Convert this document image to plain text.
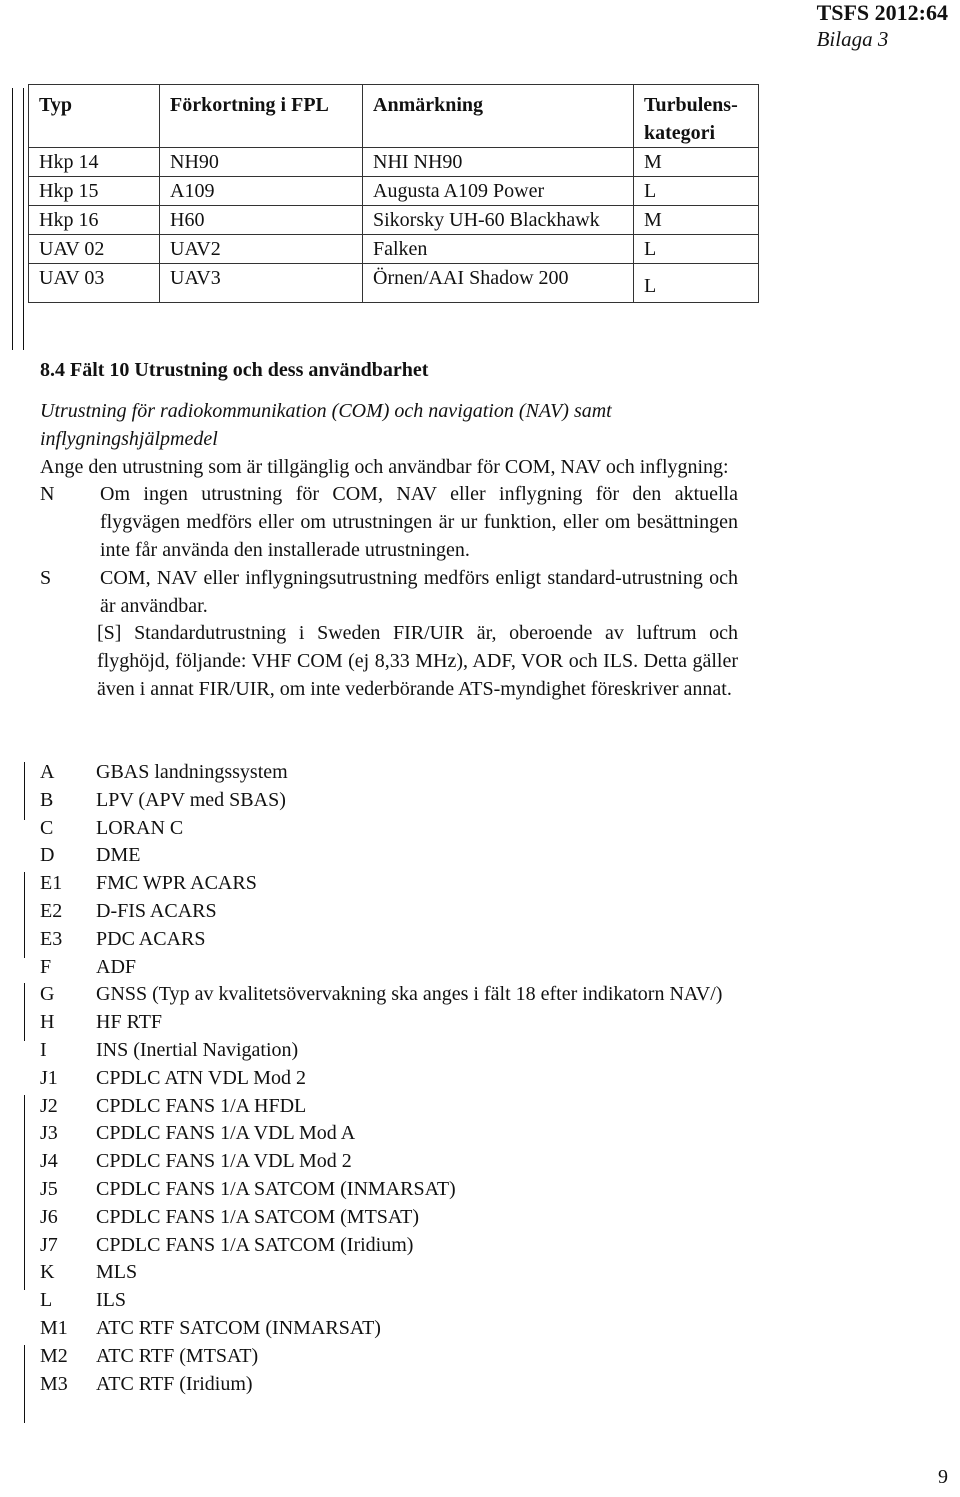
TSFS 2012:64
Bilaga 3
Typ	Förkortning i FPL	Anmärkning	Turbulens-kategori
Hkp 14	NH90	NHI NH90	M
Hkp 15	A109	Augusta A109 Power	L
Hkp 16	H60	Sikorsky UH-60 Blackhawk	M
UAV 02	UAV2	Falken	L
UAV 03	UAV3	Örnen/AAI Shadow 200	L
8.4 Fält 10 Utrustning och dess användbarhet
Utrustning för radiokommunikation (COM) och navigation (NAV) samt inflygningshjälpmedel
Ange den utrustning som är tillgänglig och användbar för COM, NAV och inflygning:
N	Om ingen utrustning för COM, NAV eller inflygning för den aktuella flygvägen medförs eller om utrustningen är ur funktion, eller om besättningen inte får använda den installerade utrustningen.
S	COM, NAV eller inflygningsutrustning medförs enligt standard-utrustning och är användbar.
[S] Standardutrustning i Sweden FIR/UIR är, oberoende av luftrum och flyghöjd, följande: VHF COM (ej 8,33 MHz), ADF, VOR och ILS. Detta gäller även i annat FIR/UIR, om inte vederbörande ATS-myndighet föreskriver annat.
A	GBAS landningssystem
B	LPV (APV med SBAS)
C	LORAN C
D	DME
E1	FMC WPR ACARS
E2	D-FIS ACARS
E3	PDC ACARS
F	ADF
G	GNSS (Typ av kvalitetsövervakning ska anges i fält 18 efter indikatorn NAV/)
H	HF RTF
I	INS (Inertial Navigation)
J1	CPDLC ATN VDL Mod 2
J2	CPDLC FANS 1/A HFDL
J3	CPDLC FANS 1/A VDL Mod A
J4	CPDLC FANS 1/A VDL Mod 2
J5	CPDLC FANS 1/A SATCOM (INMARSAT)
J6	CPDLC FANS 1/A SATCOM (MTSAT)
J7	CPDLC FANS 1/A SATCOM (Iridium)
K	MLS
L	ILS
M1	ATC RTF SATCOM (INMARSAT)
M2	ATC RTF (MTSAT)
M3	ATC RTF (Iridium)
9
